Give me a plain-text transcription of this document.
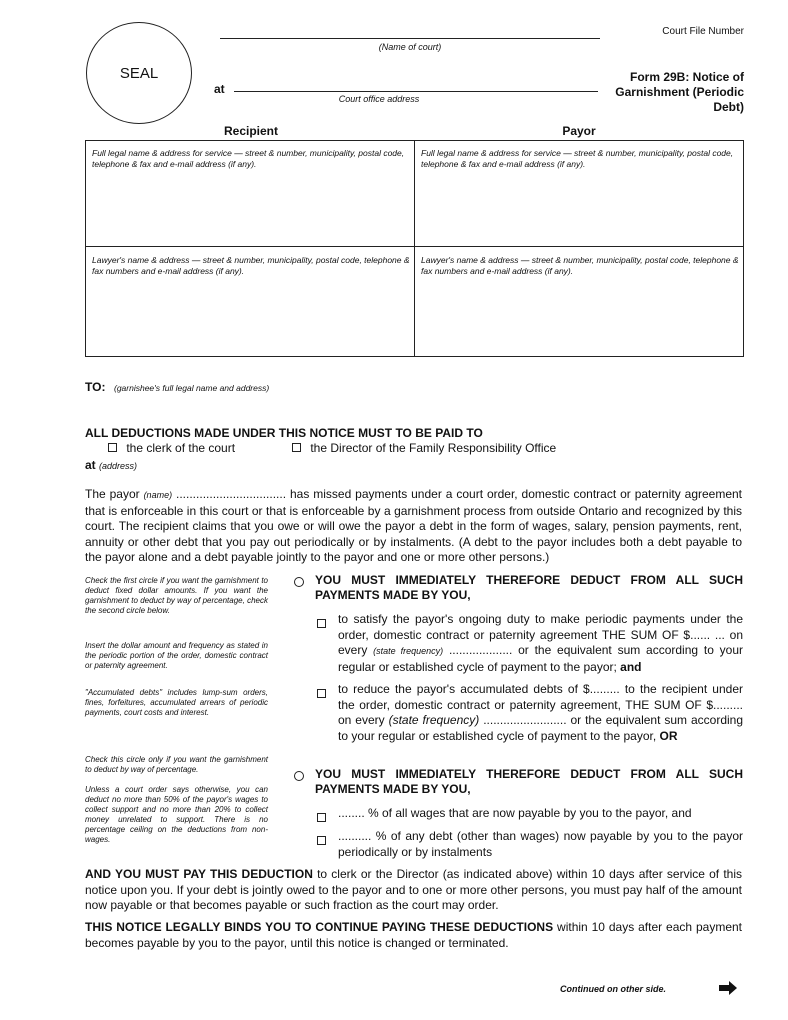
SEAL
(Name of court)
at
Court office address
Court File Number
Form 29B: Notice of Garnishment (Periodic Debt)
Recipient	Payor
Full legal name & address for service — street & number, municipality, postal code, telephone & fax and e-mail address (if any).
Full legal name & address for service — street & number, municipality, postal code, telephone & fax and e-mail address (if any).
Lawyer's name & address — street & number, municipality, postal code, telephone & fax numbers and e-mail address (if any).
Lawyer's name & address — street & number, municipality, postal code, telephone & fax numbers and e-mail address (if any).
TO: (garnishee's full legal name and address)
ALL DEDUCTIONS MADE UNDER THIS NOTICE MUST TO BE PAID TO
the clerk of the court	the Director of the Family Responsibility Office
at (address)
The payor (name) ................................. has missed payments under a court order, domestic contract or paternity agreement that is enforceable in this court or that is enforceable by a garnishment process from outside Ontario and recognized by this court. The recipient claims that you owe or will owe the payor a debt in the form of wages, salary, pension payments, rent, annuity or other debt that you pay out periodically or by instalments. (A debt to the payor includes both a debt payable to the payor alone and a debt payable jointly to the payor and one or more other persons.)
Check the first circle if you want the garnishment to deduct fixed dollar amounts. If you want the garnishment to deduct by way of percentage, check the second circle below.
Insert the dollar amount and frequency as stated in the periodic portion of the order, domestic contract or paternity agreement.
"Accumulated debts" includes lump-sum orders, fines, forfeitures, accumulated arrears of periodic payments, court costs and interest.
Check this circle only if you want the garnishment to deduct by way of percentage.
Unless a court order says otherwise, you can deduct no more than 50% of the payor's wages to collect support and no more than 20% to collect money unrelated to support. There is no percentage ceiling on the deductions from non-wages.
YOU MUST IMMEDIATELY THEREFORE DEDUCT FROM ALL SUCH PAYMENTS MADE BY YOU,
to satisfy the payor's ongoing duty to make periodic payments under the order, domestic contract or paternity agreement THE SUM OF $...... ... on every (state frequency) ................... or the equivalent sum according to your regular or established cycle of payment to the payor; and
to reduce the payor's accumulated debts of $......... to the recipient under the order, domestic contract or paternity agreement, THE SUM OF $......... on every (state frequency) ......................... or the equivalent sum according to your regular or established cycle of payment to the payor, OR
YOU MUST IMMEDIATELY THEREFORE DEDUCT FROM ALL SUCH PAYMENTS MADE BY YOU,
........ % of all wages that are now payable by you to the payor, and
.......... % of any debt (other than wages) now payable by you to the payor periodically or by instalments
AND YOU MUST PAY THIS DEDUCTION to clerk or the Director (as indicated above) within 10 days after service of this notice upon you. If your debt is jointly owed to the payor and to one or more other persons, you must pay half of the amount now payable or that becomes payable or such fraction as the court may order.
THIS NOTICE LEGALLY BINDS YOU TO CONTINUE PAYING THESE DEDUCTIONS within 10 days after each payment becomes payable by you to the payor, until this notice is changed or terminated.
Continued on other side.
